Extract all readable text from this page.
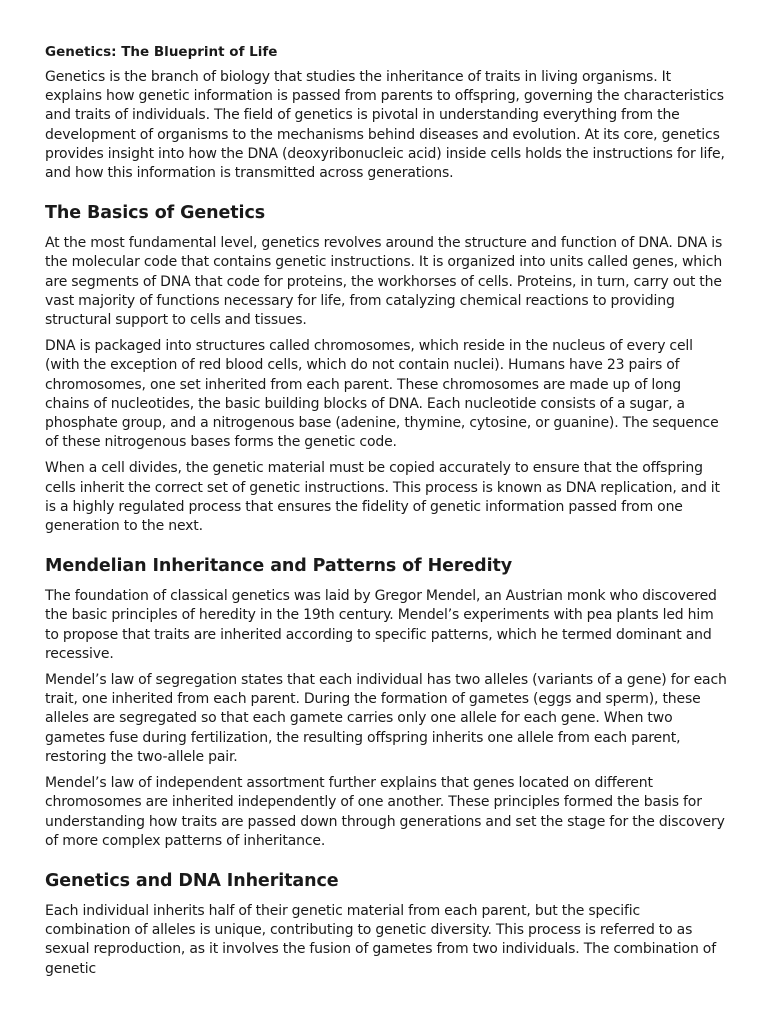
Genetics: The Blueprint of Life

Genetics is the branch of biology that studies the inheritance of traits in living organisms. It explains how genetic information is passed from parents to offspring, governing the characteristics and traits of individuals. The field of genetics is pivotal in understanding everything from the development of organisms to the mechanisms behind diseases and evolution. At its core, genetics provides insight into how the DNA (deoxyribonucleic acid) inside cells holds the instructions for life, and how this information is transmitted across generations.

The Basics of Genetics

At the most fundamental level, genetics revolves around the structure and function of DNA. DNA is the molecular code that contains genetic instructions. It is organized into units called genes, which are segments of DNA that code for proteins, the workhorses of cells. Proteins, in turn, carry out the vast majority of functions necessary for life, from catalyzing chemical reactions to providing structural support to cells and tissues.

DNA is packaged into structures called chromosomes, which reside in the nucleus of every cell (with the exception of red blood cells, which do not contain nuclei). Humans have 23 pairs of chromosomes, one set inherited from each parent. These chromosomes are made up of long chains of nucleotides, the basic building blocks of DNA. Each nucleotide consists of a sugar, a phosphate group, and a nitrogenous base (adenine, thymine, cytosine, or guanine). The sequence of these nitrogenous bases forms the genetic code.

When a cell divides, the genetic material must be copied accurately to ensure that the offspring cells inherit the correct set of genetic instructions. This process is known as DNA replication, and it is a highly regulated process that ensures the fidelity of genetic information passed from one generation to the next.

Mendelian Inheritance and Patterns of Heredity

The foundation of classical genetics was laid by Gregor Mendel, an Austrian monk who discovered the basic principles of heredity in the 19th century. Mendel’s experiments with pea plants led him to propose that traits are inherited according to specific patterns, which he termed dominant and recessive.

Mendel’s law of segregation states that each individual has two alleles (variants of a gene) for each trait, one inherited from each parent. During the formation of gametes (eggs and sperm), these alleles are segregated so that each gamete carries only one allele for each gene. When two gametes fuse during fertilization, the resulting offspring inherits one allele from each parent, restoring the two-allele pair.

Mendel’s law of independent assortment further explains that genes located on different chromosomes are inherited independently of one another. These principles formed the basis for understanding how traits are passed down through generations and set the stage for the discovery of more complex patterns of inheritance.

Genetics and DNA Inheritance

Each individual inherits half of their genetic material from each parent, but the specific combination of alleles is unique, contributing to genetic diversity. This process is referred to as sexual reproduction, as it involves the fusion of gametes from two individuals. The combination of genetic
